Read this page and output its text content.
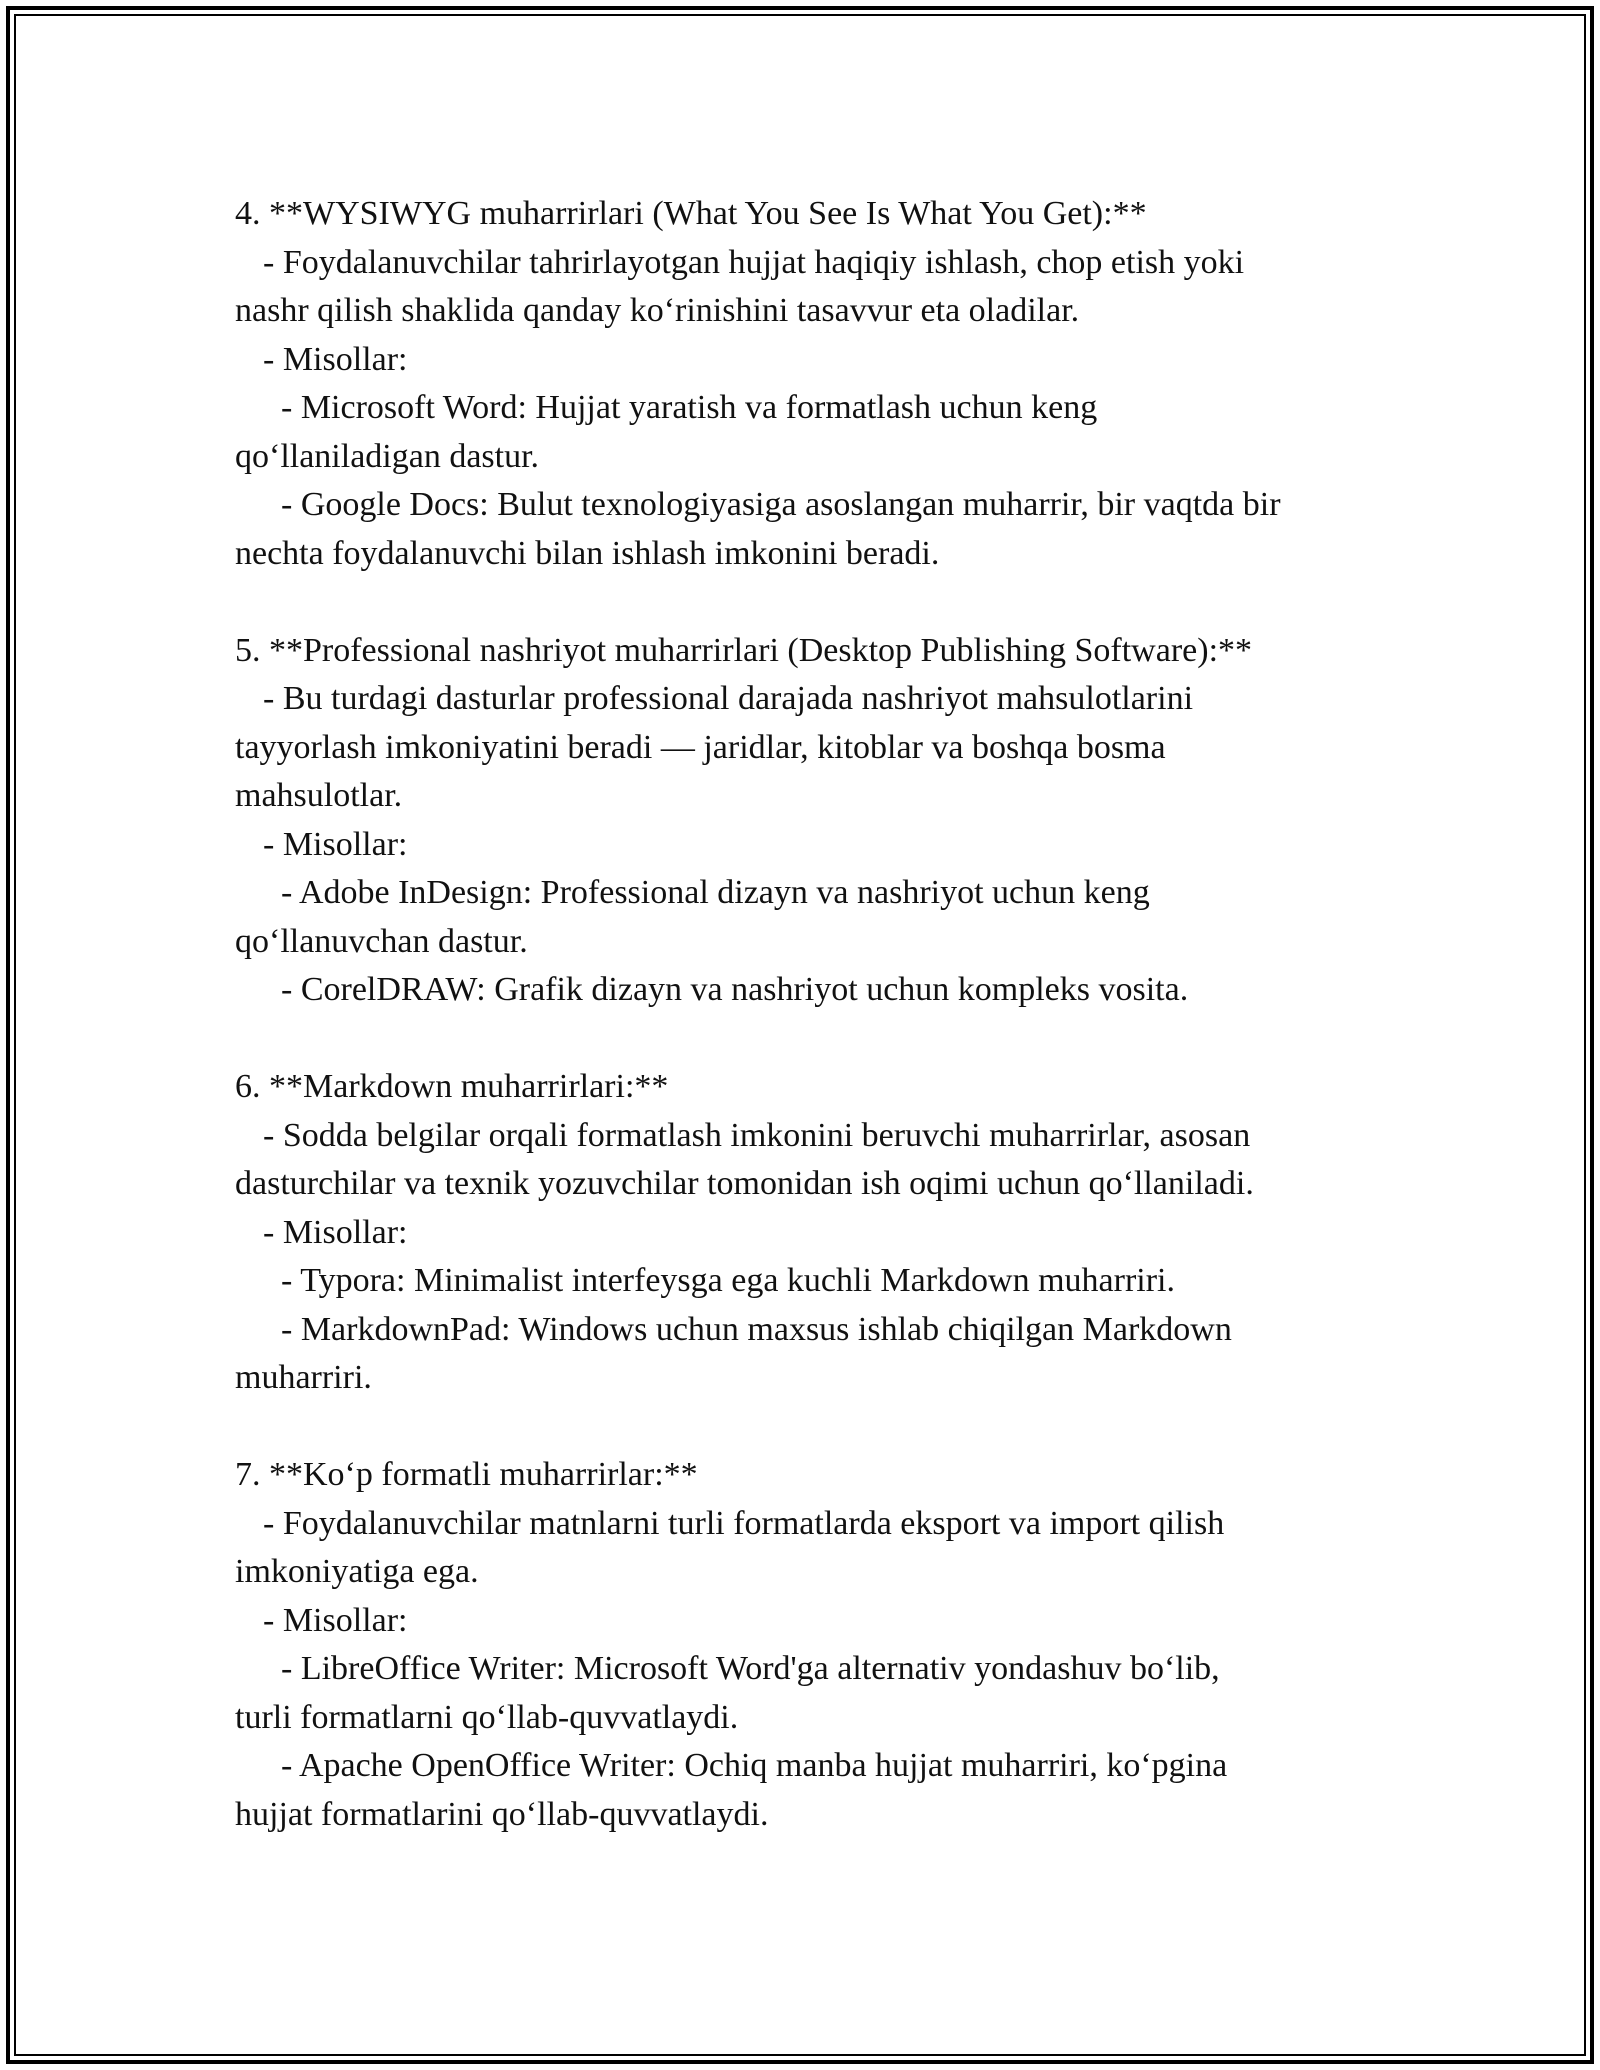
4. **WYSIWYG muharrirlari (What You See Is What You Get):**
- Foydalanuvchilar tahrirlayotgan hujjat haqiqiy ishlash, chop etish yoki
nashr qilish shaklida qanday ko‘rinishini tasavvur eta oladilar.
- Misollar:
- Microsoft Word: Hujjat yaratish va formatlash uchun keng
qo‘llaniladigan dastur.
- Google Docs: Bulut texnologiyasiga asoslangan muharrir, bir vaqtda bir
nechta foydalanuvchi bilan ishlash imkonini beradi.
5. **Professional nashriyot muharrirlari (Desktop Publishing Software):**
- Bu turdagi dasturlar professional darajada nashriyot mahsulotlarini
tayyorlash imkoniyatini beradi — jaridlar, kitoblar va boshqa bosma
mahsulotlar.
- Misollar:
- Adobe InDesign: Professional dizayn va nashriyot uchun keng
qo‘llanuvchan dastur.
- CorelDRAW: Grafik dizayn va nashriyot uchun kompleks vosita.
6. **Markdown muharrirlari:**
- Sodda belgilar orqali formatlash imkonini beruvchi muharrirlar, asosan
dasturchilar va texnik yozuvchilar tomonidan ish oqimi uchun qo‘llaniladi.
- Misollar:
- Typora: Minimalist interfeysga ega kuchli Markdown muharriri.
- MarkdownPad: Windows uchun maxsus ishlab chiqilgan Markdown
muharriri.
7. **Ko‘p formatli muharrirlar:**
- Foydalanuvchilar matnlarni turli formatlarda eksport va import qilish
imkoniyatiga ega.
- Misollar:
- LibreOffice Writer: Microsoft Word'ga alternativ yondashuv bo‘lib,
turli formatlarni qo‘llab-quvvatlaydi.
- Apache OpenOffice Writer: Ochiq manba hujjat muharriri, ko‘pgina
hujjat formatlarini qo‘llab-quvvatlaydi.
